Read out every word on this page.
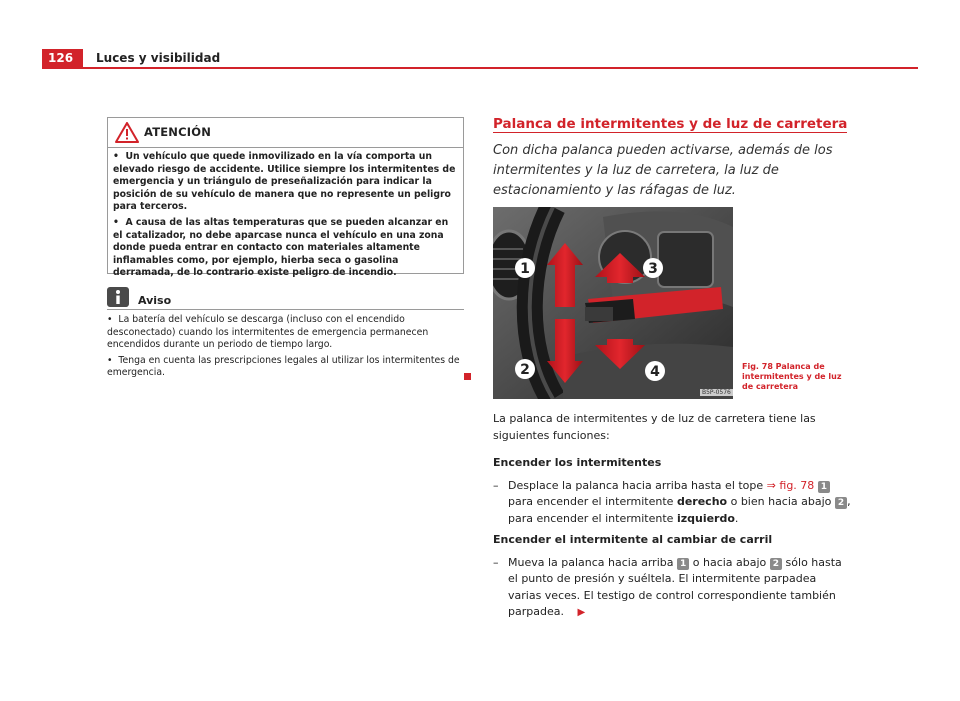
126	Luces y visibilidad
ATENCIÓN

• Un vehículo que quede inmovilizado en la vía comporta un elevado riesgo de accidente. Utilice siempre los intermitentes de emergencia y un triángulo de preseñalización para indicar la posición de su vehículo de manera que no represente un peligro para terceros.

• A causa de las altas temperaturas que se pueden alcanzar en el catalizador, no debe aparcase nunca el vehículo en una zona donde pueda entrar en contacto con materiales altamente inflamables como, por ejemplo, hierba seca o gasolina derramada, de lo contrario existe peligro de incendio.

Aviso

• La batería del vehículo se descarga (incluso con el encendido desconectado) cuando los intermitentes de emergencia permanecen encendidos durante un periodo de tiempo largo.

• Tenga en cuenta las prescripciones legales al utilizar los intermitentes de emergencia.

Palanca de intermitentes y de luz de carretera
Con dicha palanca pueden activarse, además de los intermitentes y la luz de carretera, la luz de estacionamiento y las ráfagas de luz.
1
2
3
4
B5P-0576
Fig. 78 Palanca de intermitentes y de luz de carretera

La palanca de intermitentes y de luz de carretera tiene las siguientes funciones:

Encender los intermitentes

– Desplace la palanca hacia arriba hasta el tope ⇒ fig. 78 1 para encender el intermitente derecho o bien hacia abajo 2 , para encender el intermitente izquierdo.

Encender el intermitente al cambiar de carril

– Mueva la palanca hacia arriba 1 o hacia abajo 2 sólo hasta el punto de presión y suéltela. El intermitente parpadea varias veces. El testigo de control correspondiente también parpadea. ▶
